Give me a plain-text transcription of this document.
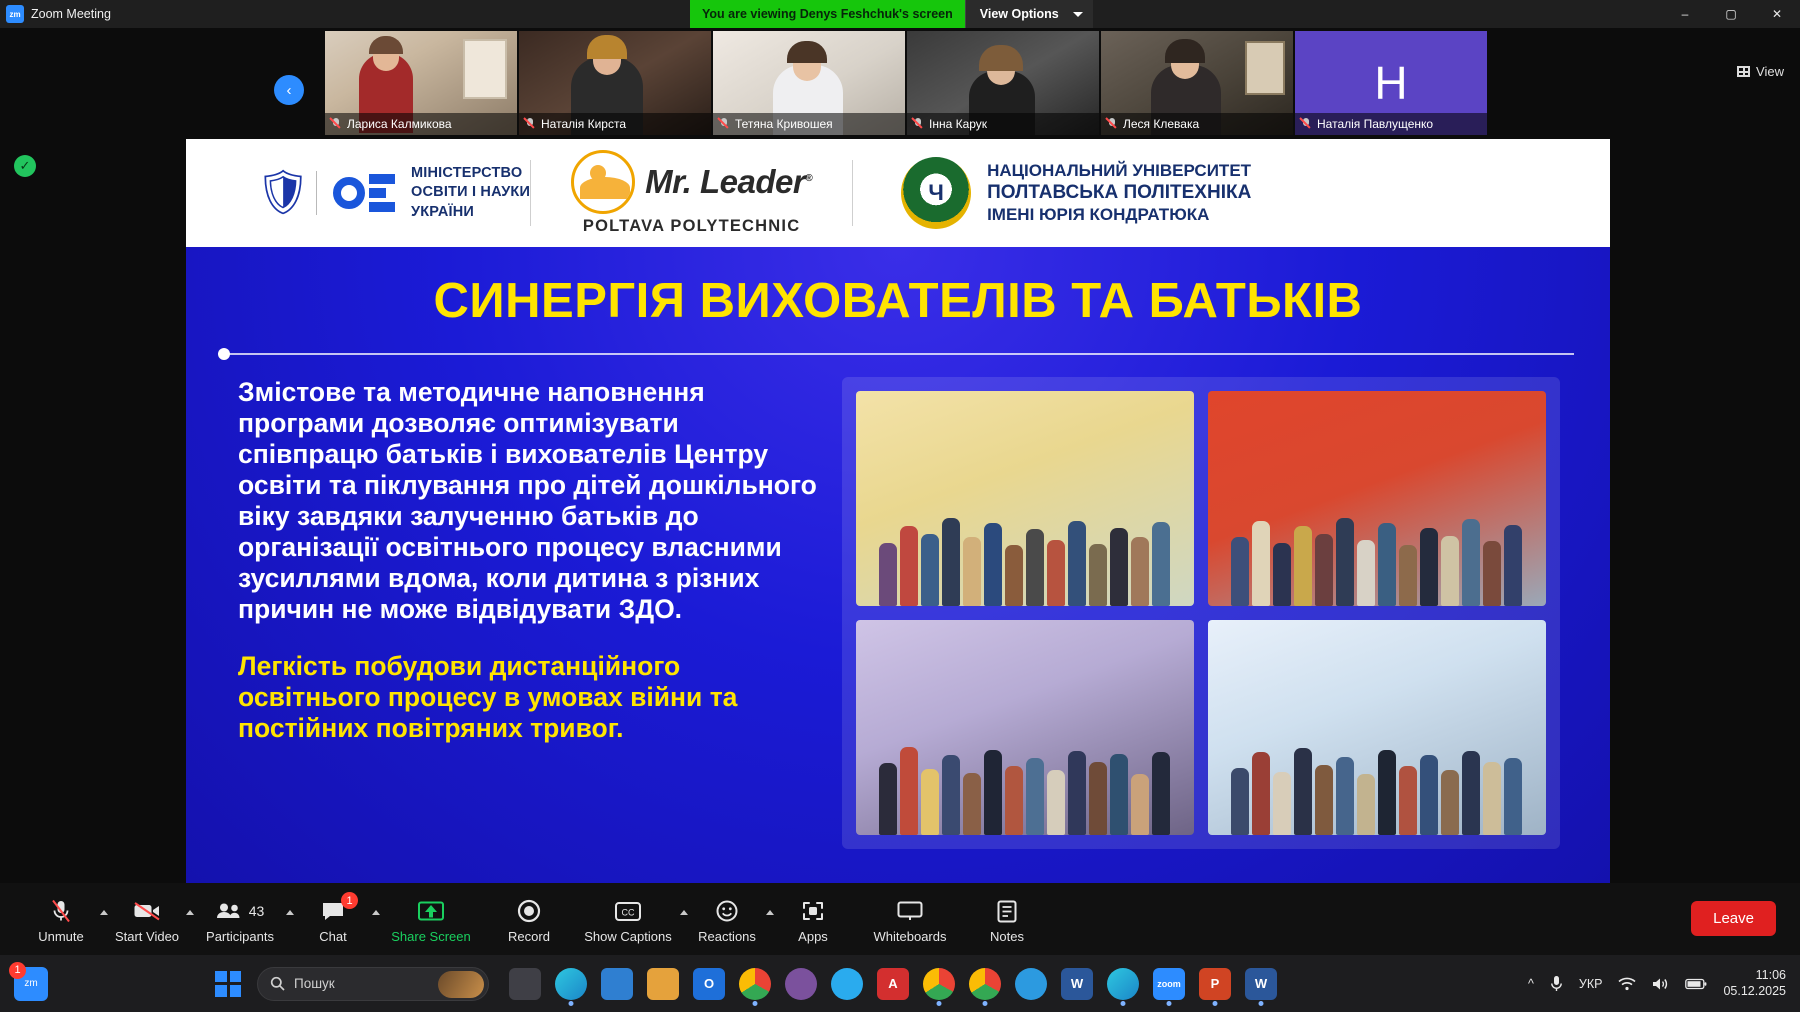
zm Zoom Meeting	You are viewing Denys Feshchuk's screen	View Options	–	▢	✕
‹
Лариса Калмикова	Наталія Кирста	Тетяна Кривошея	Інна Карук	Леся Клевака
Н
Наталія Павлущенко
View
✓
🛡	МІНІСТЕРСТВО
ОСВІТИ І НАУКИ
УКРАЇНИ
Mr. Leader®
POLTAVA POLYTECHNIC
Ч
НАЦІОНАЛЬНИЙ УНІВЕРСИТЕТ
ПОЛТАВСЬКА ПОЛІТЕХНІКА
ІМЕНІ ЮРІЯ КОНДРАТЮКА
СИНЕРГІЯ ВИХОВАТЕЛІВ ТА БАТЬКІВ
Змістове та методичне наповнення програми дозволяє оптимізувати співпрацю батьків і вихователів Центру освіти та піклування про дітей дошкільного віку завдяки залученню батьків до організації освітнього процесу власними зусиллями вдома, коли дитина з різних причин не може відвідувати ЗДО.
Легкість побудови дистанційного освітнього процесу в умовах війни та постійних повітряних тривог.
Unmute Start Video
43
Participants
1
Chat	Share Screen	Record
CC
Show Captions Reactions	Apps	Whiteboards	Notes
Leave
1
zm	Пошук	O	A	W	zoom	P	W	^	УКР
11:06
05.12.2025
